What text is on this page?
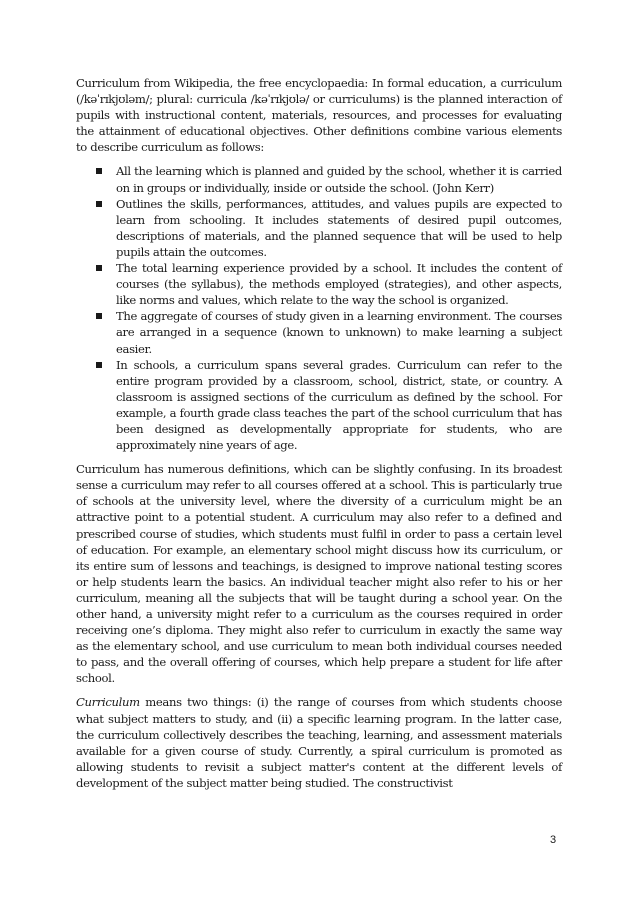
Curriculum from Wikipedia, the free encyclopaedia: In formal education, a curriculum (/kəˈrɪkjʊləm/; plural: curricula /kəˈrɪkjʊlə/ or curriculums) is the planned interaction of pupils with instructional content, materials, resources, and processes for evaluating the attainment of educational objectives. Other definitions combine various elements to describe curriculum as follows:

All the learning which is planned and guided by the school, whether it is carried on in groups or individually, inside or outside the school. (John Kerr)
Outlines the skills, performances, attitudes, and values pupils are expected to learn from schooling. It includes statements of desired pupil outcomes, descriptions of materials, and the planned sequence that will be used to help pupils attain the outcomes.
The total learning experience provided by a school. It includes the content of courses (the syllabus), the methods employed (strategies), and other aspects, like norms and values, which relate to the way the school is organized.
The aggregate of courses of study given in a learning environment. The courses are arranged in a sequence (known to unknown) to make learning a subject easier.
In schools, a curriculum spans several grades. Curriculum can refer to the entire program provided by a classroom, school, district, state, or country. A classroom is assigned sections of the curriculum as defined by the school. For example, a fourth grade class teaches the part of the school curriculum that has been designed as developmentally appropriate for students, who are approximately nine years of age.

Curriculum has numerous definitions, which can be slightly confusing. In its broadest sense a curriculum may refer to all courses offered at a school. This is particularly true of schools at the university level, where the diversity of a curriculum might be an attractive point to a potential student. A curriculum may also refer to a defined and prescribed course of studies, which students must fulfil in order to pass a certain level of education. For example, an elementary school might discuss how its curriculum, or its entire sum of lessons and teachings, is designed to improve national testing scores or help students learn the basics. An individual teacher might also refer to his or her curriculum, meaning all the subjects that will be taught during a school year. On the other hand, a university might refer to a curriculum as the courses required in order receiving one’s diploma. They might also refer to curriculum in exactly the same way as the elementary school, and use curriculum to mean both individual courses needed to pass, and the overall offering of courses, which help prepare a student for life after school.

Curriculum means two things: (i) the range of courses from which students choose what subject matters to study, and (ii) a specific learning program. In the latter case, the curriculum collectively describes the teaching, learning, and assessment materials available for a given course of study. Currently, a spiral curriculum is promoted as allowing students to revisit a subject matter's content at the different levels of development of the subject matter being studied. The constructivist

3
